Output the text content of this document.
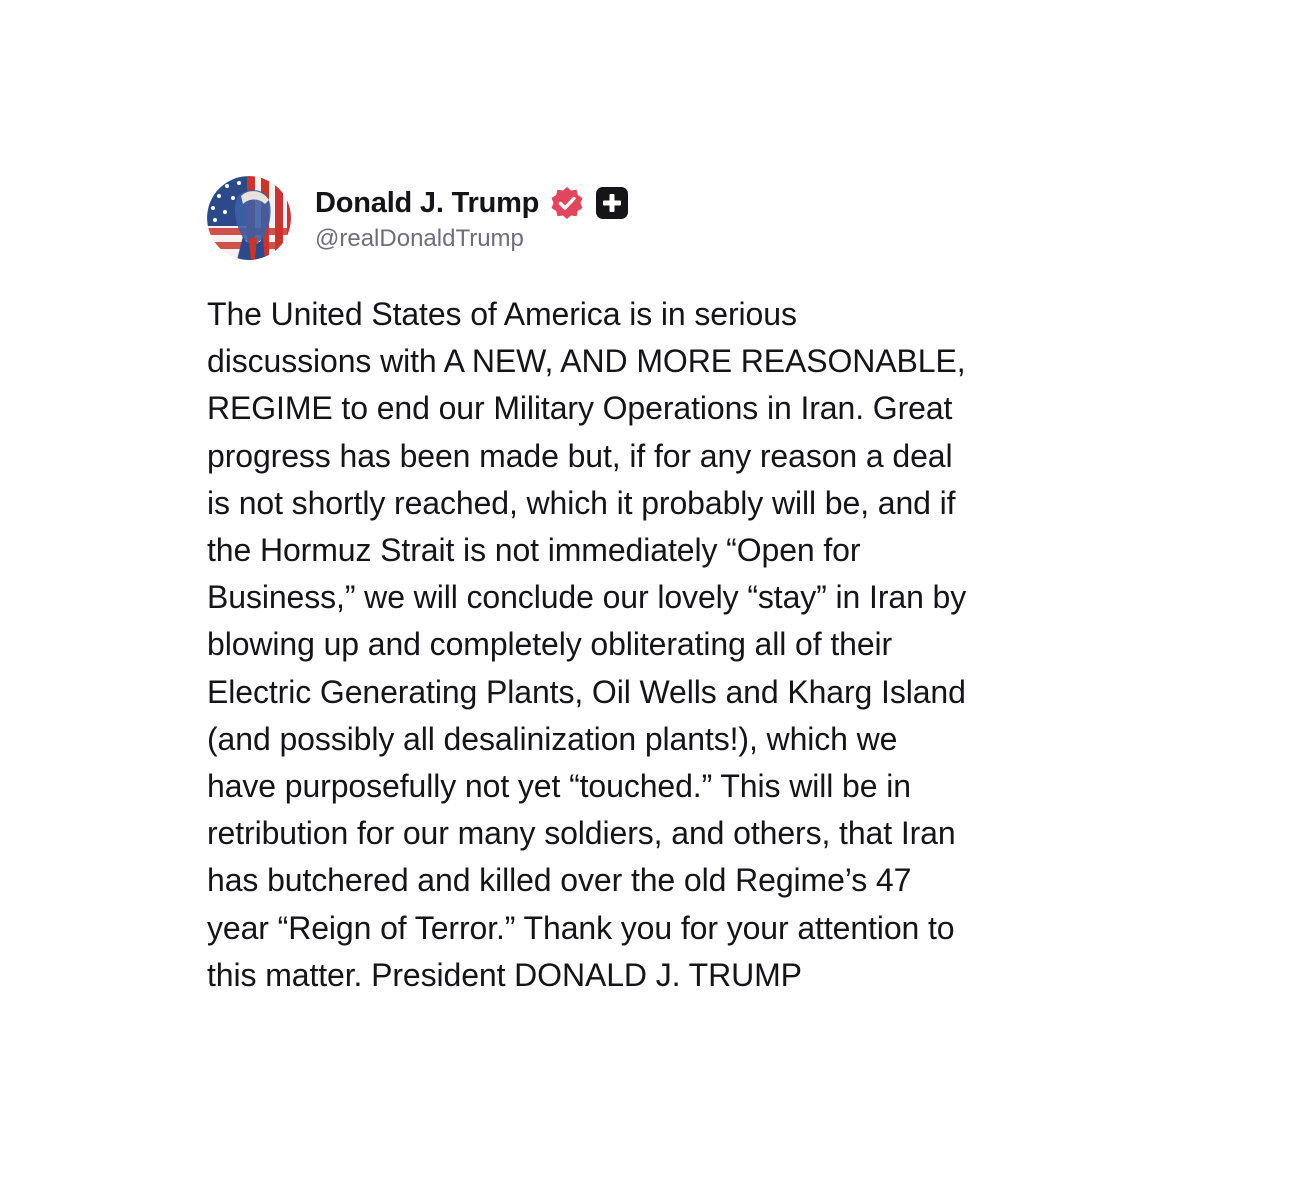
Donald J. Trump
@realDonaldTrump
The United States of America is in serious
discussions with A NEW, AND MORE REASONABLE,
REGIME to end our Military Operations in Iran. Great
progress has been made but, if for any reason a deal
is not shortly reached, which it probably will be, and if
the Hormuz Strait is not immediately “Open for
Business,” we will conclude our lovely “stay” in Iran by
blowing up and completely obliterating all of their
Electric Generating Plants, Oil Wells and Kharg Island
(and possibly all desalinization plants!), which we
have purposefully not yet “touched.” This will be in
retribution for our many soldiers, and others, that Iran
has butchered and killed over the old Regime’s 47
year “Reign of Terror.” Thank you for your attention to
this matter. President DONALD J. TRUMP
